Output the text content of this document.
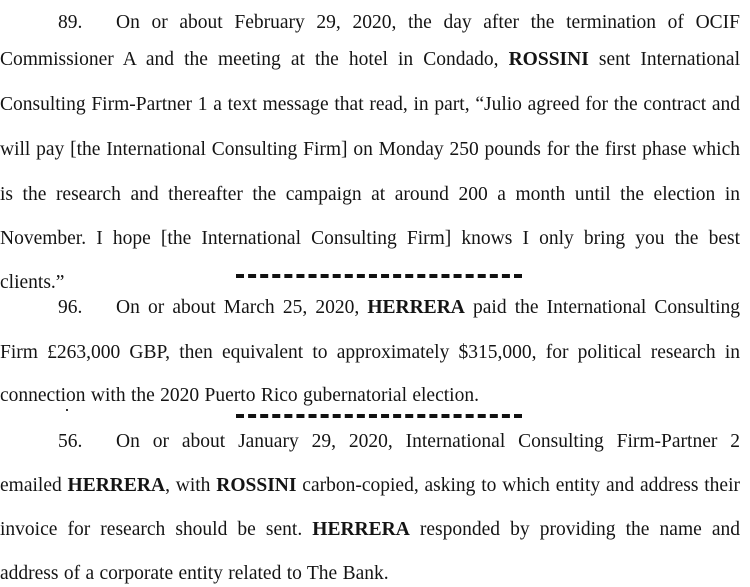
89. On or about February 29, 2020, the day after the termination of OCIF
Commissioner A and the meeting at the hotel in Condado, ROSSINI sent International
Consulting Firm-Partner 1 a text message that read, in part, “Julio agreed for the contract and
will pay [the International Consulting Firm] on Monday 250 pounds for the first phase which
is the research and thereafter the campaign at around 200 a month until the election in
November. I hope [the International Consulting Firm] knows I only bring you the best
clients.”
96. On or about March 25, 2020, HERRERA paid the International Consulting
Firm £263,000 GBP, then equivalent to approximately $315,000, for political research in
connection with the 2020 Puerto Rico gubernatorial election.
56. On or about January 29, 2020, International Consulting Firm-Partner 2
emailed HERRERA, with ROSSINI carbon-copied, asking to which entity and address their
invoice for research should be sent. HERRERA responded by providing the name and
address of a corporate entity related to The Bank.
